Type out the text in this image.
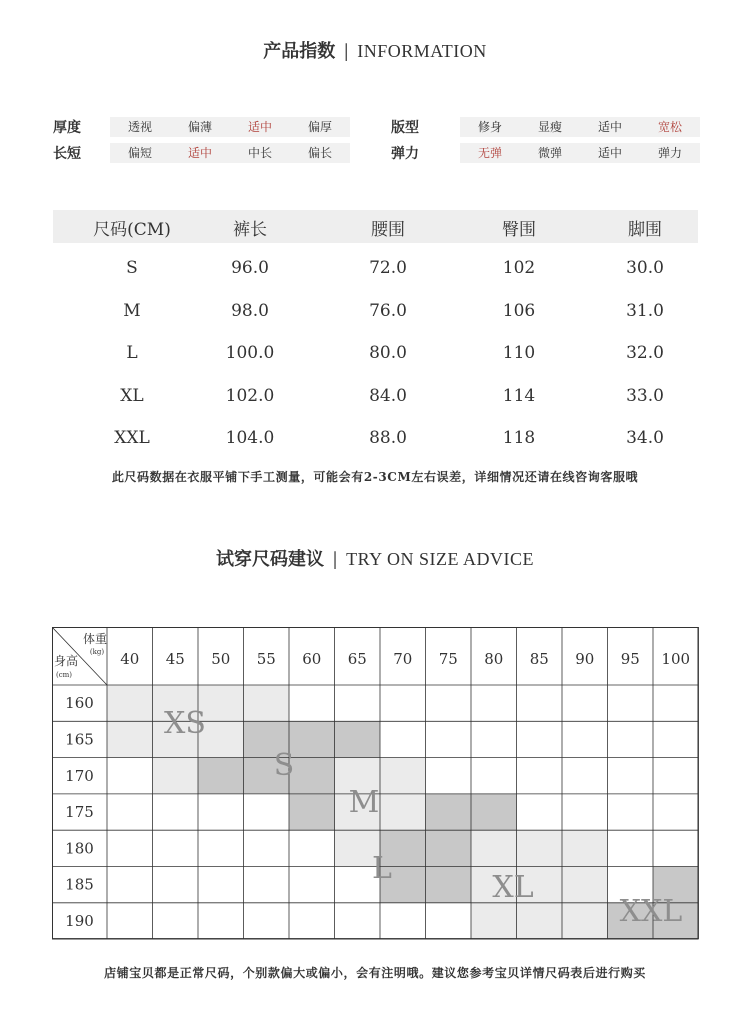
产品指数 | INFORMATION
厚度	透视	偏薄	适中	偏厚
长短	偏短	适中	中长	偏长
版型	修身	显瘦	适中	宽松
弹力	无弹	微弹	适中	弹力
尺码(CM)	裤长	腰围	臀围	脚围
S	96.0	72.0	102	30.0
M	98.0	76.0	106	31.0
L	100.0	80.0	110	32.0
XL	102.0	84.0	114	33.0
XXL	104.0	88.0	118	34.0
此尺码数据在衣服平铺下手工测量，可能会有2-3CM左右误差，详细情况还请在线咨询客服哦
试穿尺码建议 | TRY ON SIZE ADVICE
体重
(kg)
身高
(cm)
40 45 50 55 60 65 70 75 80 85 90 95 100
160
165
170
175
180
185
190
XS
S
M
L
XL
XXL
店铺宝贝都是正常尺码，个别款偏大或偏小，会有注明哦。建议您参考宝贝详情尺码表后进行购买
